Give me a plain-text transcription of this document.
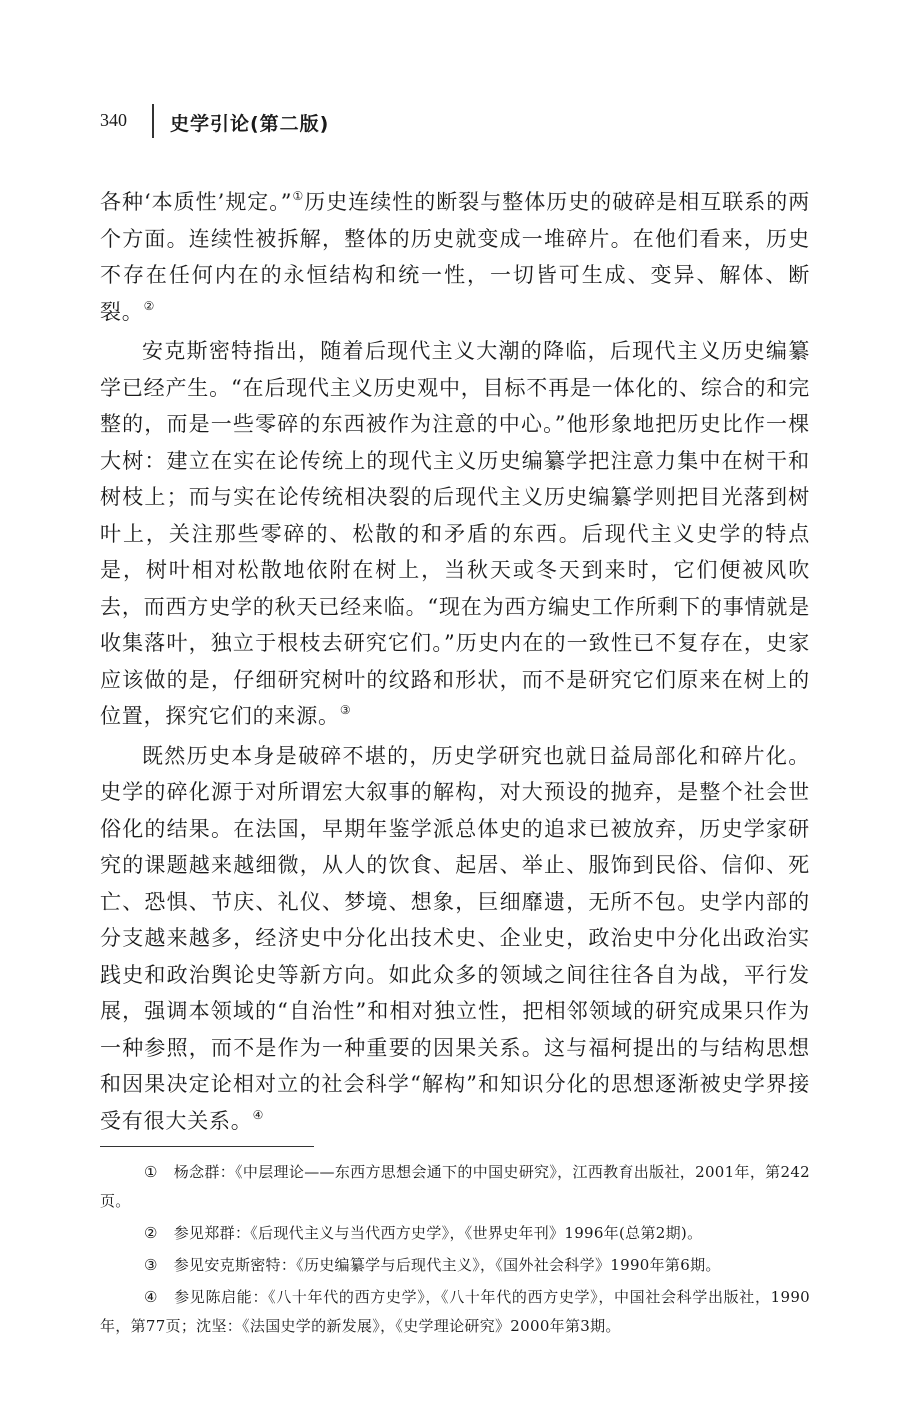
340 史学引论(第二版)

各种‘本质性’规定。”①历史连续性的断裂与整体历史的破碎是相互联系的两个方面。连续性被拆解，整体的历史就变成一堆碎片。在他们看来，历史不存在任何内在的永恒结构和统一性，一切皆可生成、变异、解体、断裂。②

安克斯密特指出，随着后现代主义大潮的降临，后现代主义历史编纂学已经产生。“在后现代主义历史观中，目标不再是一体化的、综合的和完整的，而是一些零碎的东西被作为注意的中心。”他形象地把历史比作一棵大树：建立在实在论传统上的现代主义历史编纂学把注意力集中在树干和树枝上；而与实在论传统相决裂的后现代主义历史编纂学则把目光落到树叶上，关注那些零碎的、松散的和矛盾的东西。后现代主义史学的特点是，树叶相对松散地依附在树上，当秋天或冬天到来时，它们便被风吹去，而西方史学的秋天已经来临。“现在为西方编史工作所剩下的事情就是收集落叶，独立于根枝去研究它们。”历史内在的一致性已不复存在，史家应该做的是，仔细研究树叶的纹路和形状，而不是研究它们原来在树上的位置，探究它们的来源。③

既然历史本身是破碎不堪的，历史学研究也就日益局部化和碎片化。史学的碎化源于对所谓宏大叙事的解构，对大预设的抛弃，是整个社会世俗化的结果。在法国，早期年鉴学派总体史的追求已被放弃，历史学家研究的课题越来越细微，从人的饮食、起居、举止、服饰到民俗、信仰、死亡、恐惧、节庆、礼仪、梦境、想象，巨细靡遗，无所不包。史学内部的分支越来越多，经济史中分化出技术史、企业史，政治史中分化出政治实践史和政治舆论史等新方向。如此众多的领域之间往往各自为战，平行发展，强调本领域的“自治性”和相对独立性，把相邻领域的研究成果只作为一种参照，而不是作为一种重要的因果关系。这与福柯提出的与结构思想和因果决定论相对立的社会科学“解构”和知识分化的思想逐渐被史学界接受有很大关系。④

① 杨念群：《中层理论——东西方思想会通下的中国史研究》，江西教育出版社，2001年，第242页。

② 参见郑群：《后现代主义与当代西方史学》，《世界史年刊》1996年(总第2期)。

③ 参见安克斯密特：《历史编纂学与后现代主义》，《国外社会科学》1990年第6期。

④ 参见陈启能：《八十年代的西方史学》，《八十年代的西方史学》，中国社会科学出版社，1990年，第77页；沈坚：《法国史学的新发展》，《史学理论研究》2000年第3期。
